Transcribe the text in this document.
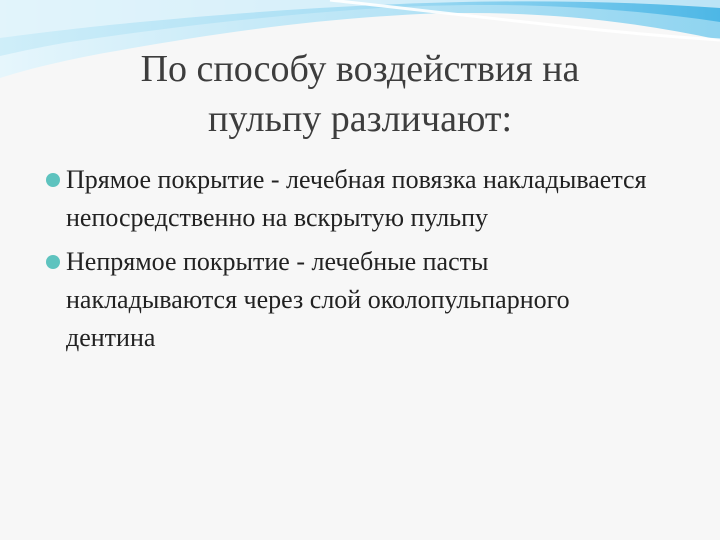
По способу воздействия на
пульпу различают:
Прямое покрытие - лечебная повязка накладывается непосредственно на вскрытую пульпу
Непрямое покрытие - лечебные пасты накладываются через слой околопульпарного дентина
